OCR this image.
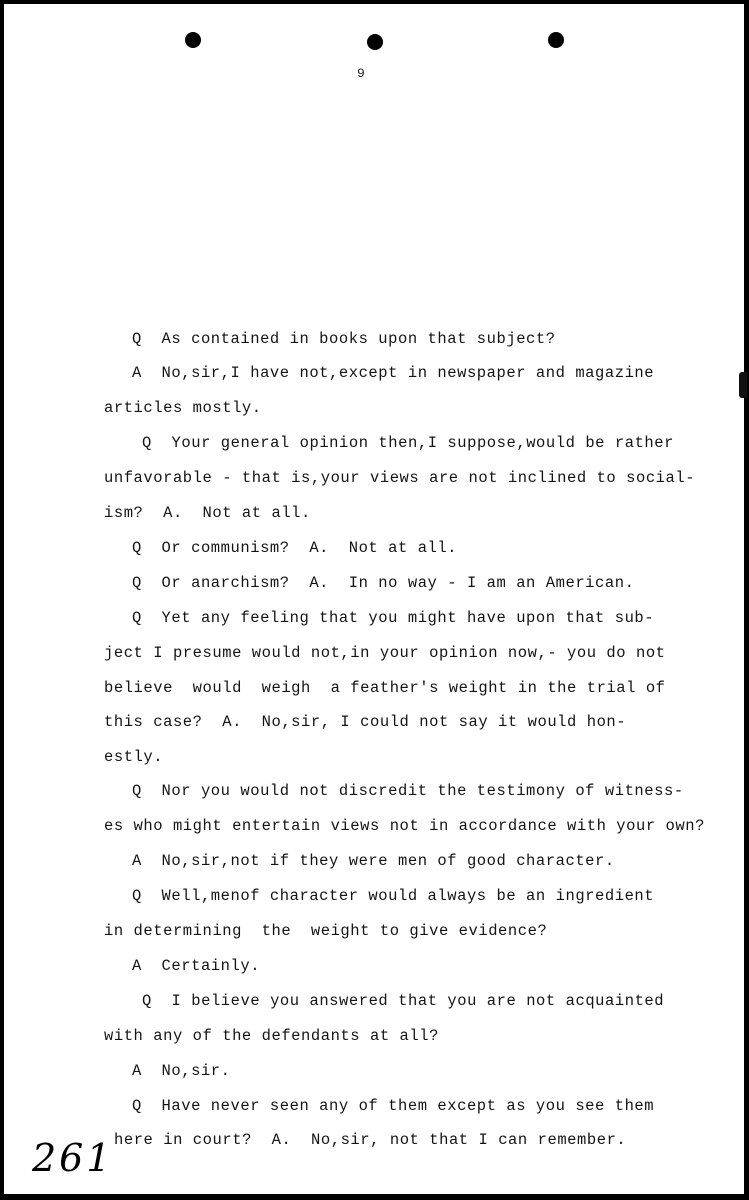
9
Q  As contained in books upon that subject?
A  No,sir,I have not,except in newspaper and magazine
articles mostly.
Q  Your general opinion then,I suppose,would be rather
unfavorable - that is,your views are not inclined to social-
ism?  A.  Not at all.
Q  Or communism?  A.  Not at all.
Q  Or anarchism?  A.  In no way - I am an American.
Q  Yet any feeling that you might have upon that sub-
ject I presume would not,in your opinion now,- you do not
believe  would  weigh  a feather's weight in the trial of
this case?  A.  No,sir, I could not say it would hon-
estly.
Q  Nor you would not discredit the testimony of witness-
es who might entertain views not in accordance with your own?
A  No,sir,not if they were men of good character.
Q  Well,menof character would always be an ingredient
in determining  the  weight to give evidence?
A  Certainly.
Q  I believe you answered that you are not acquainted
with any of the defendants at all?
A  No,sir.
Q  Have never seen any of them except as you see them
here in court?  A.  No,sir, not that I can remember.
261
